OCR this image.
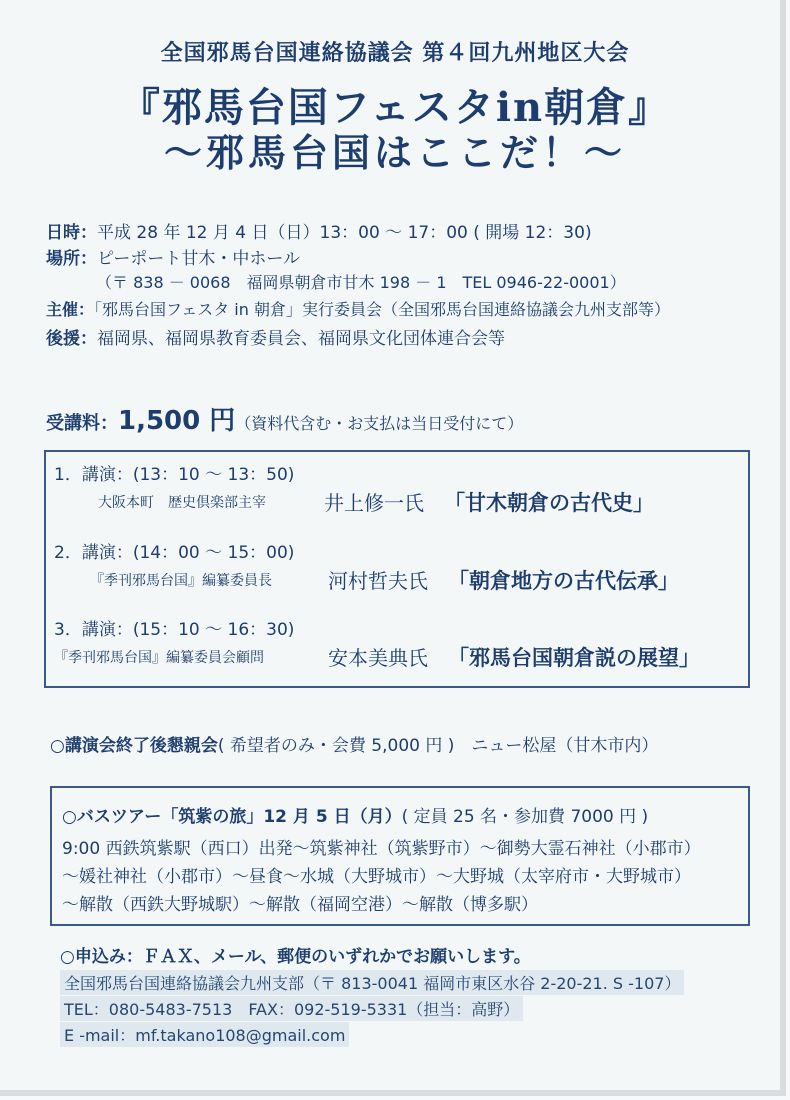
全国邪馬台国連絡協議会 第４回九州地区大会
『邪馬台国フェスタin朝倉』
～邪馬台国はここだ！～
日時：平成 28 年 12 月 4 日（日）13：00 ～ 17：00 ( 開場 12：30)
場所：ピーポート甘木・中ホール
（〒 838 － 0068　福岡県朝倉市甘木 198 － 1　TEL 0946-22-0001）
主催：「邪馬台国フェスタ in 朝倉」実行委員会（全国邪馬台国連絡協議会九州支部等）
後援：福岡県、福岡県教育委員会、福岡県文化団体連合会等
受講料：1,500 円（資料代含む・お支払は当日受付にて）
1．講演：(13：10 ～ 13：50)
大阪本町　歴史倶楽部主宰	井上修一氏 「甘木朝倉の古代史」
2．講演：(14：00 ～ 15：00)
『季刊邪馬台国』編纂委員長	河村哲夫氏 「朝倉地方の古代伝承」
3．講演：(15：10 ～ 16：30)
『季刊邪馬台国』編纂委員会顧問	安本美典氏 「邪馬台国朝倉説の展望」
○講演会終了後懇親会( 希望者のみ・会費 5,000 円 )　ニュー松屋（甘木市内）
○バスツアー「筑紫の旅」12 月 5 日（月）( 定員 25 名・参加費 7000 円 )
9:00 西鉄筑紫駅（西口）出発～筑紫神社（筑紫野市）～御勢大霊石神社（小郡市）
～媛社神社（小郡市）～昼食～水城（大野城市）～大野城（太宰府市・大野城市）
～解散（西鉄大野城駅）～解散（福岡空港）～解散（博多駅）
○申込み：ＦＡＸ、メール、郵便のいずれかでお願いします。
全国邪馬台国連絡協議会九州支部（〒 813-0041 福岡市東区水谷 2-20-21. S -107）
TEL：080-5483-7513　FAX：092-519-5331（担当：高野）
E -mail：mf.takano108@gmail.com
